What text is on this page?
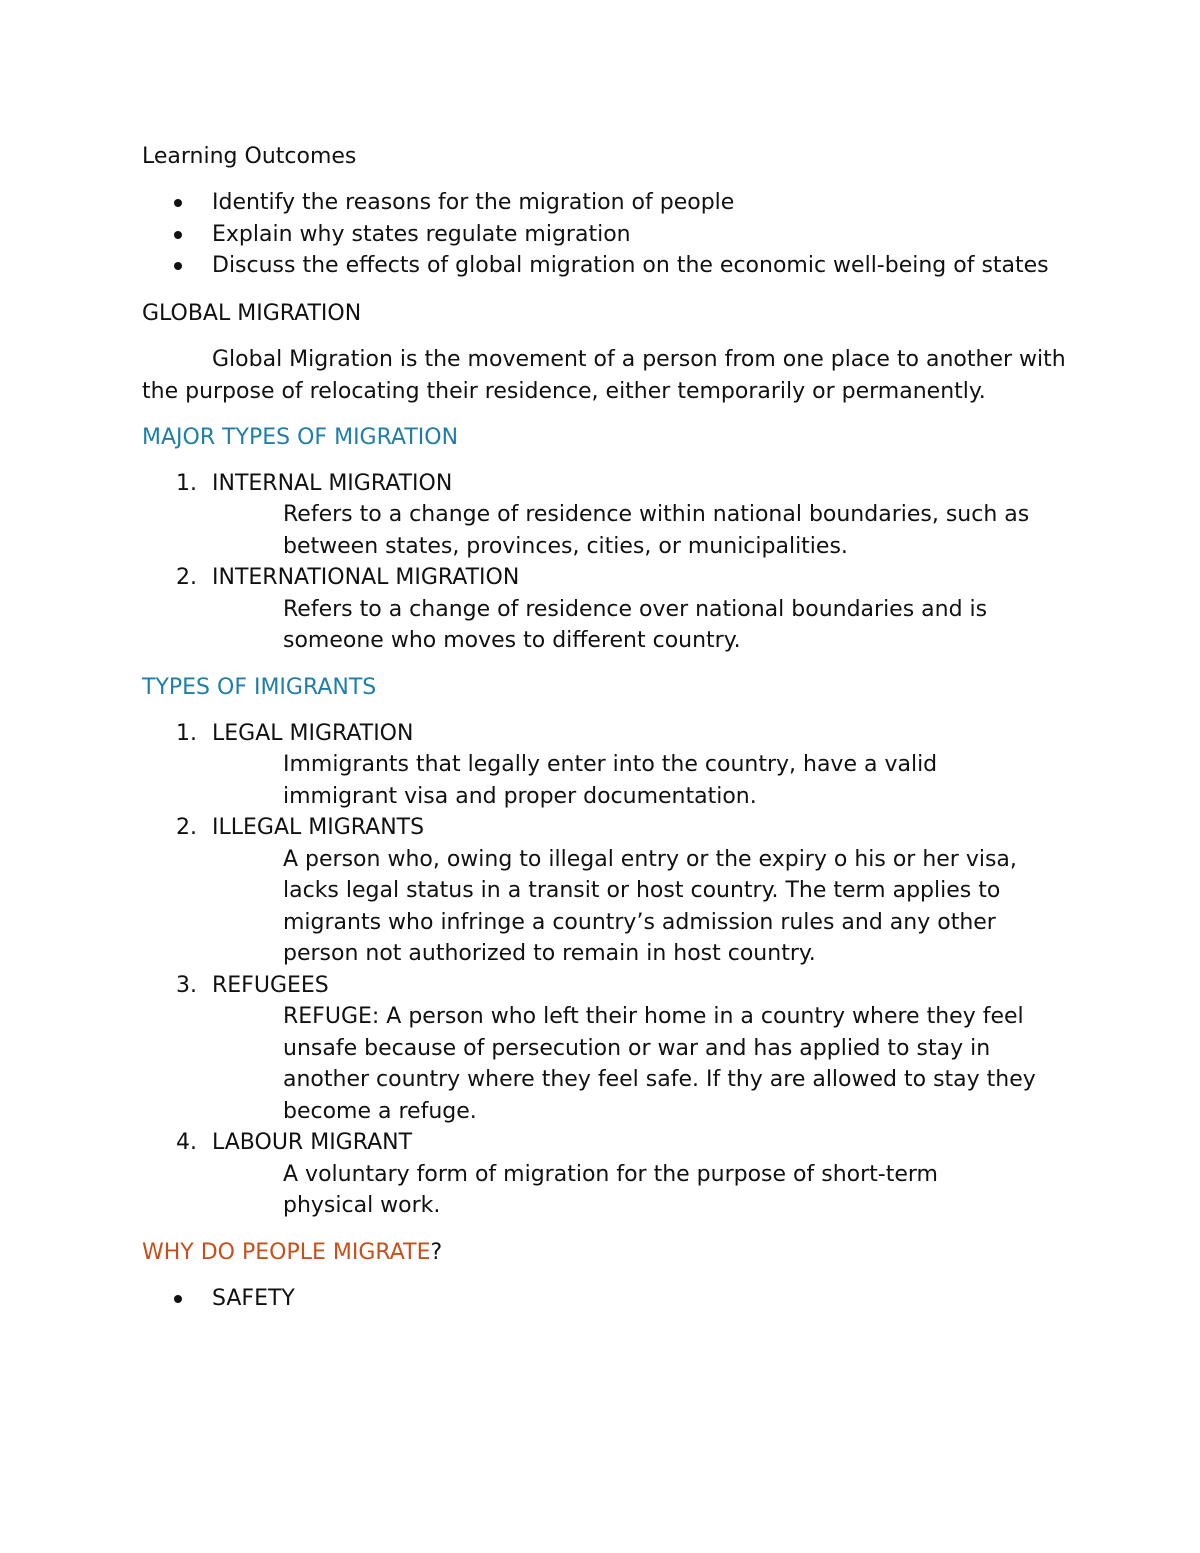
Learning Outcomes
Identify the reasons for the migration of people
Explain why states regulate migration
Discuss the effects of global migration on the economic well-being of states
GLOBAL MIGRATION
Global Migration is the movement of a person from one place to another with the purpose of relocating their residence, either temporarily or permanently.
MAJOR TYPES OF MIGRATION
1. INTERNAL MIGRATION
Refers to a change of residence within national boundaries, such as between states, provinces, cities, or municipalities.
2. INTERNATIONAL MIGRATION
Refers to a change of residence over national boundaries and is someone who moves to different country.
TYPES OF IMIGRANTS
1. LEGAL MIGRATION
Immigrants that legally enter into the country, have a valid immigrant visa and proper documentation.
2. ILLEGAL MIGRANTS
A person who, owing to illegal entry or the expiry o his or her visa, lacks legal status in a transit or host country. The term applies to migrants who infringe a country’s admission rules and any other person not authorized to remain in host country.
3. REFUGEES
REFUGE: A person who left their home in a country where they feel unsafe because of persecution or war and has applied to stay in another country where they feel safe. If thy are allowed to stay they become a refuge.
4. LABOUR MIGRANT
A voluntary form of migration for the purpose of short-term physical work.
WHY DO PEOPLE MIGRATE?
SAFETY
